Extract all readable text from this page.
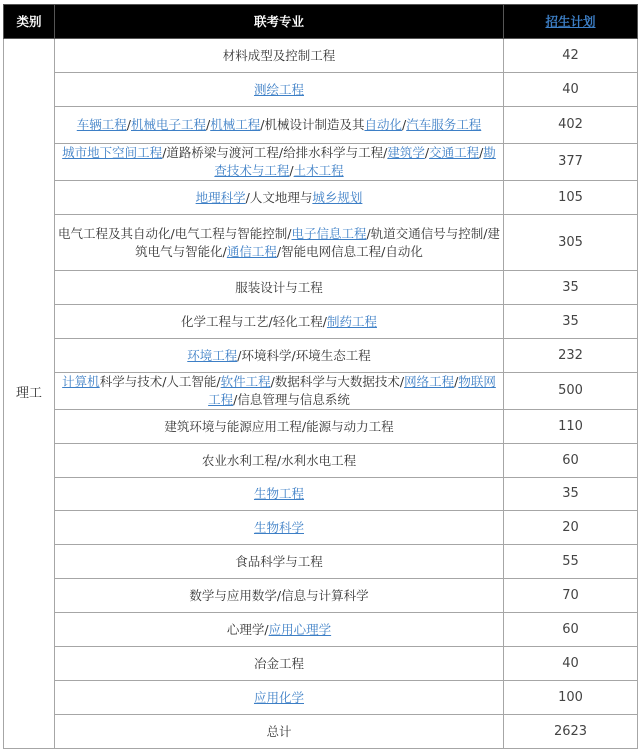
类别	联考专业	招生计划
理工	材料成型及控制工程	42
	测绘工程	40
	车辆工程/机械电子工程/机械工程/机械设计制造及其自动化/汽车服务工程	402
	城市地下空间工程/道路桥梁与渡河工程/给排水科学与工程/建筑学/交通工程/勘查技术与工程/土木工程	377
	地理科学/人文地理与城乡规划	105
	电气工程及其自动化/电气工程与智能控制/电子信息工程/轨道交通信号与控制/建筑电气与智能化/通信工程/智能电网信息工程/自动化	305
	服装设计与工程	35
	化学工程与工艺/轻化工程/制药工程	35
	环境工程/环境科学/环境生态工程	232
	计算机科学与技术/人工智能/软件工程/数据科学与大数据技术/网络工程/物联网工程/信息管理与信息系统	500
	建筑环境与能源应用工程/能源与动力工程	110
	农业水利工程/水利水电工程	60
	生物工程	35
	生物科学	20
	食品科学与工程	55
	数学与应用数学/信息与计算科学	70
	心理学/应用心理学	60
	冶金工程	40
	应用化学	100
	总计	2623
